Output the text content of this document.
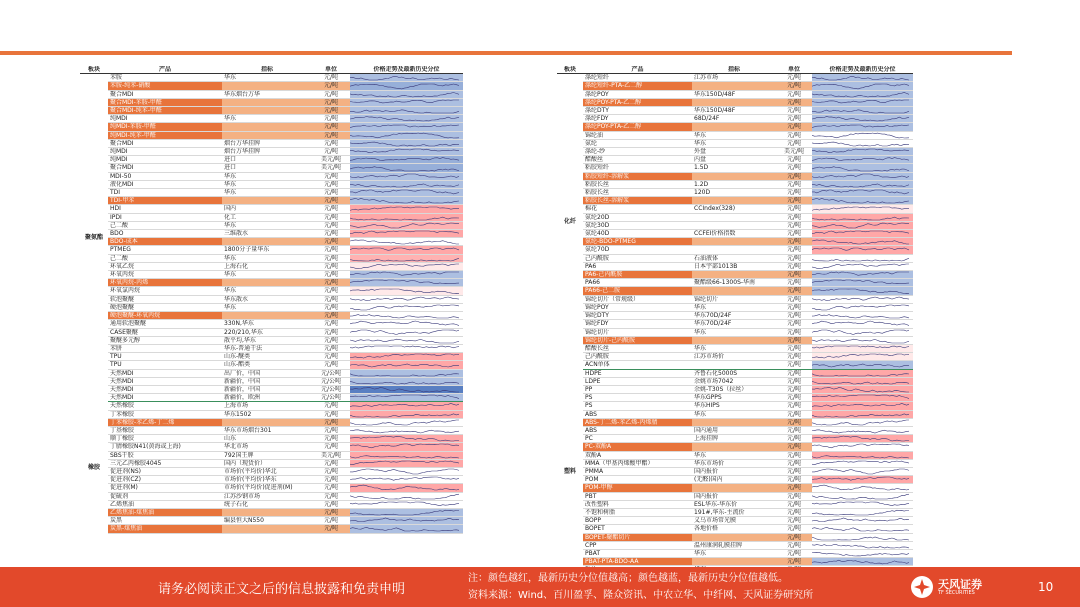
板块	产品	指标	单位	价格走势及最新历史分位
聚氨酯	苯胺	华东	元/吨	

	苯胺-纯苯-硝酸		元/吨	

	聚合MDI	华东烟台万华	元/吨	

	聚合MDI-苯胺-甲醛		元/吨	

	聚合MDI-纯苯-甲醛		元/吨	

	纯MDI	华东	元/吨	

	纯MDI-苯胺-甲醛		元/吨	

	纯MDI-纯苯-甲醛		元/吨	

	聚合MDI	烟台万华挂牌	元/吨	

	纯MDI	烟台万华挂牌	元/吨	

	纯MDI	进口	美元/吨	

	聚合MDI	进口	美元/吨	

	MDI-50	华东	元/吨	

	液化MDI	华东	元/吨	

	TDI	华东	元/吨	

	TDI-甲苯		元/吨	

	HDI	国内	元/吨	

	IPDI	化工	元/吨	

	己二酸	华东	元/吨	

	BDO	三维散水	元/吨	

	BDO-成本		元/吨	

	PTMEG	1800分子量华东	元/吨	

	己二酸	华东	元/吨	

	环氧乙烷	上海石化	元/吨	

	环氧丙烷	华东	元/吨	

	环氧丙烷-丙烯		元/吨	

	环氧氯丙烷	华东	元/吨	

	软泡聚醚	华东散水	元/吨	

	硬泡聚醚	华东	元/吨	

	硬泡聚醚-环氧丙烷		元/吨	

	通用软泡聚醚	330N,华东	元/吨	

	CASE聚醚	220/210,华东	元/吨	

	聚醚多元醇	散平均,华东	元/吨	

	苯肼	华东-普通干法	元/吨	

	TPU	山东-醚类	元/吨	

	TPU	山东-酯类	元/吨	

	天然MDI	出厂价，中国	元/公吨	

	天然MDI	新疆价，中国	元/公吨	

	天然MDI	新疆价，中国	元/公吨	

	天然MDI	新疆价，欧洲	元/公吨	

橡胶	天然橡胶	上海市场	元/吨	

	丁苯橡胶	华东1502	元/吨	

	丁苯橡胶-苯乙烯-丁二烯		元/吨	

	丁基橡胶	华东市场烟台301	元/吨	

	顺丁橡胶	山东	元/吨	

	丁腈橡胶N41(黄海或上海)	华北市场	元/吨	

	SBS干胶	792国王牌	美元/吨	

	三元乙丙橡胶4045	国内（现货价）	元/吨	

	促进剂(NS)	市场价(平均价)华北	元/吨	

	促进剂(CZ)	市场价(平均价)华东	元/吨	

	促进剂(M)	市场价(平均价)促进剂(M)	元/吨	

	促硫剂	江苏沙钢市场	元/吨	

	乙烯焦油	统子石化	元/吨	

	乙烯焦油-煤焦油		元/吨	

	炭黑	编县恒大N550	元/吨	

	炭黑-煤焦油		元/吨	
板块	产品	指标	单位	价格走势及最新历史分位
化纤	涤纶短纤	江苏市场	元/吨	

	涤纶短纤-PTA-乙二醇		元/吨	

	涤纶POY	华东150D/48F	元/吨	

	涤纶POY-PTA-乙二醇		元/吨	

	涤纶DTY	华东150D/48F	元/吨	

	涤纶FDY	68D/24F	元/吨	

	涤纶POY-PTA-乙二醇		元/吨	

	锦纶油	华东	元/吨	

	氨纶	华东	元/吨	

	涤纶-纱	外盘	美元/吨	

	醋酸丝	内盘	元/吨	

	粘胶短纤	1.5D	元/吨	

	粘胶短纤-溶解浆		元/吨	

	粘胶长丝	1.2D	元/吨	

	粘胶长丝	120D	元/吨	

	粘胶长丝-溶解浆		元/吨	

	棉花	CCIndex(328)	元/吨	

	氨纶20D		元/吨	

	氨纶30D		元/吨	

	氨纶40D	CCFEI价格指数	元/吨	

	氨纶-BDO-PTMEG		元/吨	

	氨纶70D		元/吨	

	己内酰胺	石油液体	元/吨	

	PA6	日本宇部1013B	元/吨	

	PA6-己内酰胺		元/吨	

	PA66	聚酯级66-1300S-华南	元/吨	

	PA66-己二胺		元/吨	

	锦纶切片（常规级）	锦纶切片	元/吨	

	锦纶POY	华东	元/吨	

	锦纶DTY	华东70D/24F	元/吨	

	锦纶FDY	华东70D/24F	元/吨	

	锦纶切片	华东	元/吨	

	锦纶切片-己内酰胺		元/吨	

	醋酸长丝	华东	元/吨	

	己内酰胺	江苏市场价	元/吨	

	ACN单体		元/吨	

塑料	HDPE	齐鲁石化5000S	元/吨	

	LDPE	余姚市场7042	元/吨	

	PP	余姚-T30S（拉丝）	元/吨	

	PS	华东GPPS	元/吨	

	PS	华东HIPS	元/吨	

	ABS	华东	元/吨	

	ABS-丁二烯-苯乙烯-丙烯腈		元/吨	

	ABS	国内通用	元/吨	

	PC	上海挂牌	元/吨	

	PC-双酚A		元/吨	

	双酚A	华东	元/吨	

	MMA（甲基丙烯酸甲酯）	华东市场价	元/吨	

	PMMA	国内报价	元/吨	

	POM	(无醛)国内	元/吨	

	POM-甲醇		元/吨	

	PBT	国内报价	元/吨	

	改性塑料	ESL华东-华东价	元/吨	

	不饱和树脂	191#,华东-主流价	元/吨	

	BOPP	义乌市场常光膜	元/吨	

	BOPET	各地价格	元/吨	

	BOPET-聚酯切片		元/吨	

	CPP	温州康润轧膜挂牌	元/吨	

	PBAT	华东	元/吨	

	PBAT-PTA-BDO-AA		元/吨	

请务必阅读正文之后的信息披露和免责申明
注：颜色越红，最新历史分位值越高；颜色越蓝，最新历史分位值越低。
资料来源：Wind、百川盈孚、隆众资讯、中农立华、中纤网、天风证券研究所
天风证券
TF SECURITIES	10
